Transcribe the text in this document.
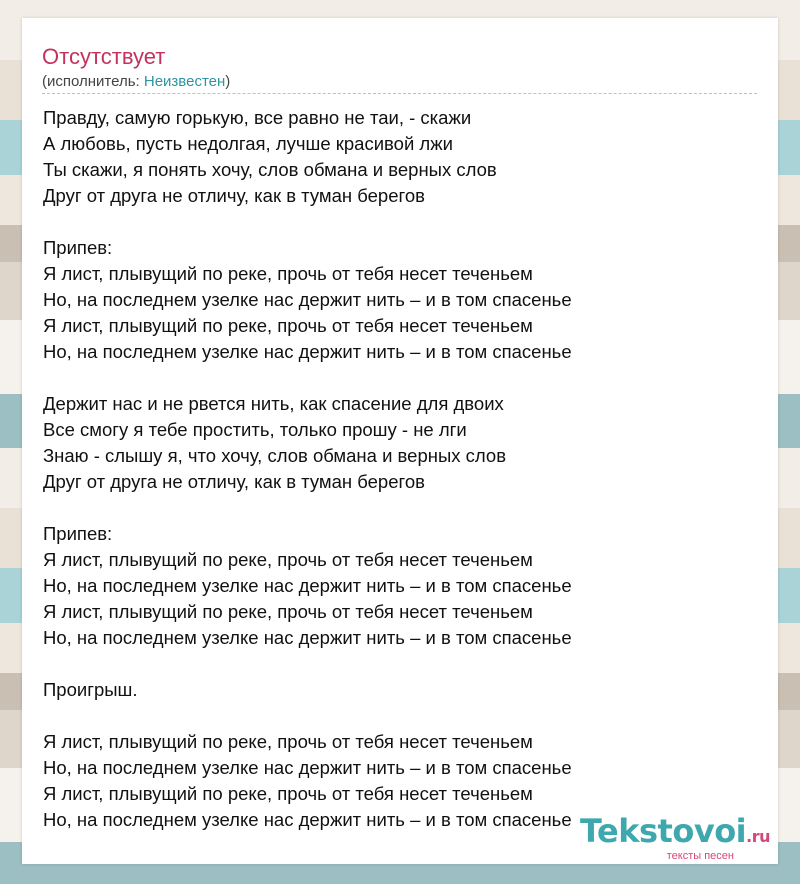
Отсутствует
(исполнитель: Неизвестен)
Правду, самую горькую, все равно не таи, - скажи
А любовь, пусть недолгая, лучше красивой лжи
Ты скажи, я понять хочу, слов обмана и верных слов
Друг от друга не отличу, как в туман берегов
Припев:
Я лист, плывущий по реке, прочь от тебя несет теченьем
Но, на последнем узелке нас держит нить – и в том спасенье
Я лист, плывущий по реке, прочь от тебя несет теченьем
Но, на последнем узелке нас держит нить – и в том спасенье
Держит нас и не рвется нить, как спасение для двоих
Все смогу я тебе простить, только прошу - не лги
Знаю - слышу я, что хочу, слов обмана и верных слов
Друг от друга не отличу, как в туман берегов
Припев:
Я лист, плывущий по реке, прочь от тебя несет теченьем
Но, на последнем узелке нас держит нить – и в том спасенье
Я лист, плывущий по реке, прочь от тебя несет теченьем
Но, на последнем узелке нас держит нить – и в том спасенье
Проигрыш.
Я лист, плывущий по реке, прочь от тебя несет теченьем
Но, на последнем узелке нас держит нить – и в том спасенье
Я лист, плывущий по реке, прочь от тебя несет теченьем
Но, на последнем узелке нас держит нить – и в том спасенье Tekstovoi.ru
тексты песен
